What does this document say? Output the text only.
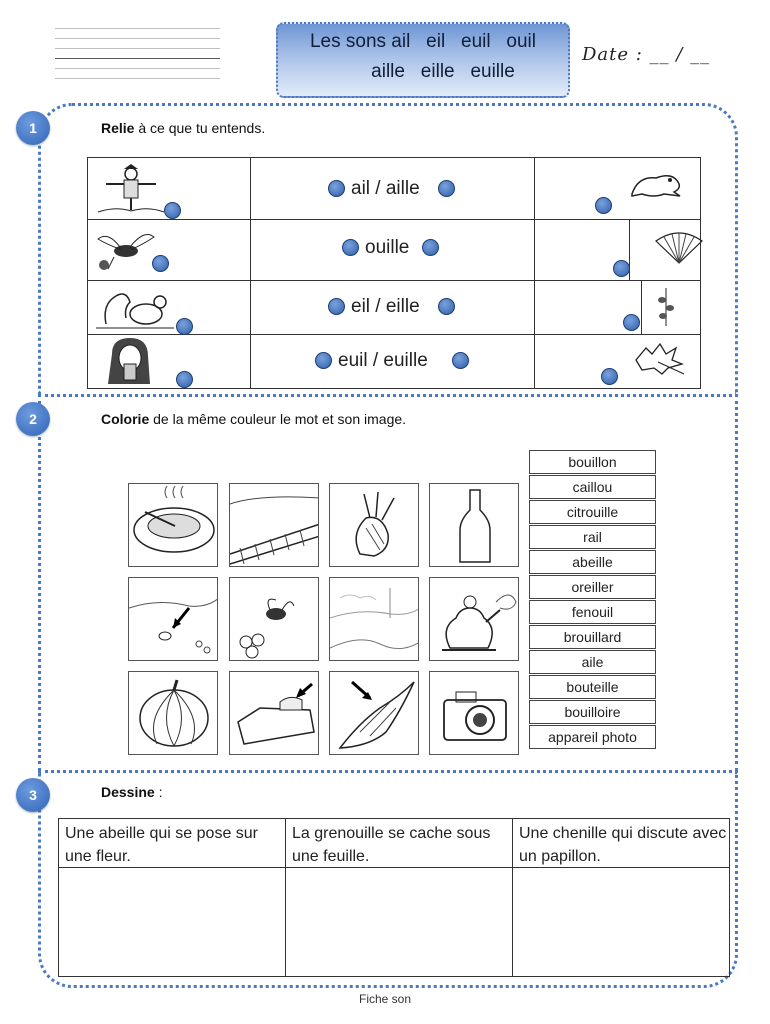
Les sons ail   eil   euil   ouil
aille   eille   euille
Date : __ / __
1	Relie à ce que tu entends.
ail / aille
ouille
eil / eille
euil / euille
2	Colorie de la même couleur le mot et son image.
bouillon
caillou
citrouille
rail
abeille
oreiller
fenouil
brouillard
aile
bouteille
bouilloire
appareil photo
3	Dessine :
Une abeille qui se pose sur une fleur.
La grenouille se cache sous une feuille.
Une chenille qui discute avec un papillon.
Fiche son
